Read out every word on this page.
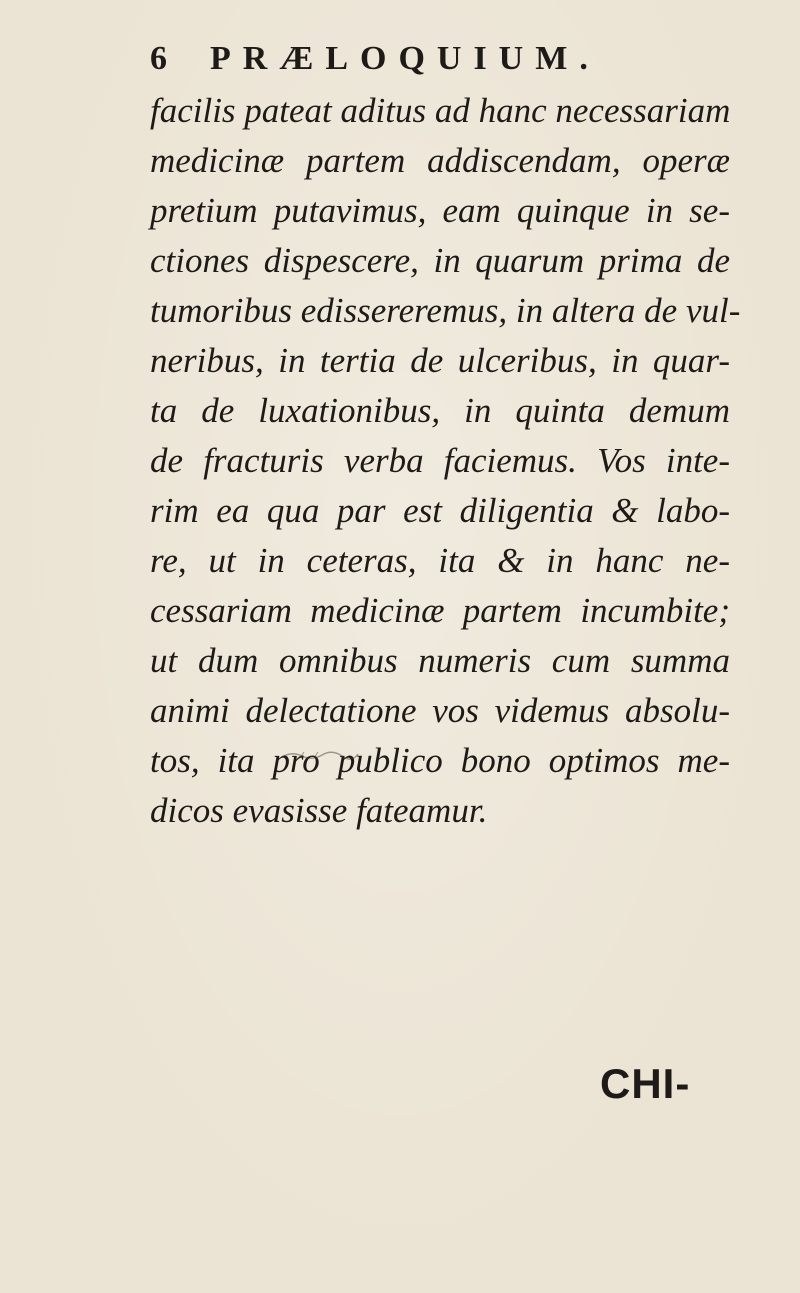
6 PRÆLOQUIUM.
facilis pateat aditus ad hanc necessariam
medicinæ partem addiscendam, operæ
pretium putavimus, eam quinque in se-
ctiones dispescere, in quarum prima de
tumoribus edissereremus, in altera de vul-
neribus, in tertia de ulceribus, in quar-
ta de luxationibus, in quinta demum
de fracturis verba faciemus. Vos inte-
rim ea qua par est diligentia & labo-
re, ut in ceteras, ita & in hanc ne-
cessariam medicinæ partem incumbite;
ut dum omnibus numeris cum summa
animi delectatione vos videmus absolu-
tos, ita pro publico bono optimos me-
dicos evasisse fateamur.
CHI-
